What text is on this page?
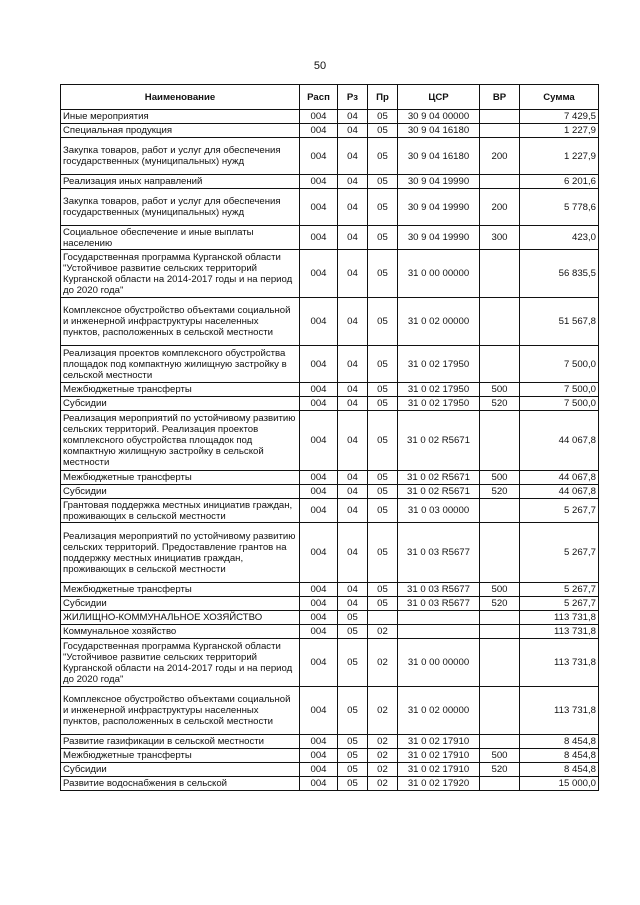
50
Наименование	Расп	Рз	Пр	ЦСР	ВР	Сумма
Иные мероприятия	004	04	05	30 9 04 00000		7 429,5
Специальная продукция	004	04	05	30 9 04 16180		1 227,9
Закупка товаров, работ и услуг для обеспечения государственных (муниципальных) нужд	004	04	05	30 9 04 16180	200	1 227,9
Реализация иных направлений	004	04	05	30 9 04 19990		6 201,6
Закупка товаров, работ и услуг для обеспечения государственных (муниципальных) нужд	004	04	05	30 9 04 19990	200	5 778,6
Социальное обеспечение и иные выплаты населению	004	04	05	30 9 04 19990	300	423,0
Государственная программа Курганской области "Устойчивое развитие сельских территорий Курганской области на 2014-2017 годы и на период до 2020 года"	004	04	05	31 0 00 00000		56 835,5
Комплексное обустройство объектами социальной и инженерной инфраструктуры населенных пунктов, расположенных в сельской местности	004	04	05	31 0 02 00000		51 567,8
Реализация проектов комплексного обустройства площадок под компактную жилищную застройку в сельской местности	004	04	05	31 0 02 17950		7 500,0
Межбюджетные трансферты	004	04	05	31 0 02 17950	500	7 500,0
Субсидии	004	04	05	31 0 02 17950	520	7 500,0
Реализация мероприятий по устойчивому развитию сельских территорий. Реализация проектов комплексного обустройства площадок под компактную жилищную застройку в сельской местности	004	04	05	31 0 02 R5671		44 067,8
Межбюджетные трансферты	004	04	05	31 0 02 R5671	500	44 067,8
Субсидии	004	04	05	31 0 02 R5671	520	44 067,8
Грантовая поддержка местных инициатив граждан, проживающих в сельской местности	004	04	05	31 0 03 00000		5 267,7
Реализация мероприятий по устойчивому развитию сельских территорий. Предоставление грантов на поддержку местных инициатив граждан, проживающих в сельской местности	004	04	05	31 0 03 R5677		5 267,7
Межбюджетные трансферты	004	04	05	31 0 03 R5677	500	5 267,7
Субсидии	004	04	05	31 0 03 R5677	520	5 267,7
ЖИЛИЩНО-КОММУНАЛЬНОЕ ХОЗЯЙСТВО	004	05				113 731,8
Коммунальное хозяйство	004	05	02			113 731,8
Государственная программа Курганской области "Устойчивое развитие сельских территорий Курганской области на 2014-2017 годы и на период до 2020 года"	004	05	02	31 0 00 00000		113 731,8
Комплексное обустройство объектами социальной и инженерной инфраструктуры населенных пунктов, расположенных в сельской местности	004	05	02	31 0 02 00000		113 731,8
Развитие газификации в сельской местности	004	05	02	31 0 02 17910		8 454,8
Межбюджетные трансферты	004	05	02	31 0 02 17910	500	8 454,8
Субсидии	004	05	02	31 0 02 17910	520	8 454,8
Развитие водоснабжения в сельской	004	05	02	31 0 02 17920		15 000,0
